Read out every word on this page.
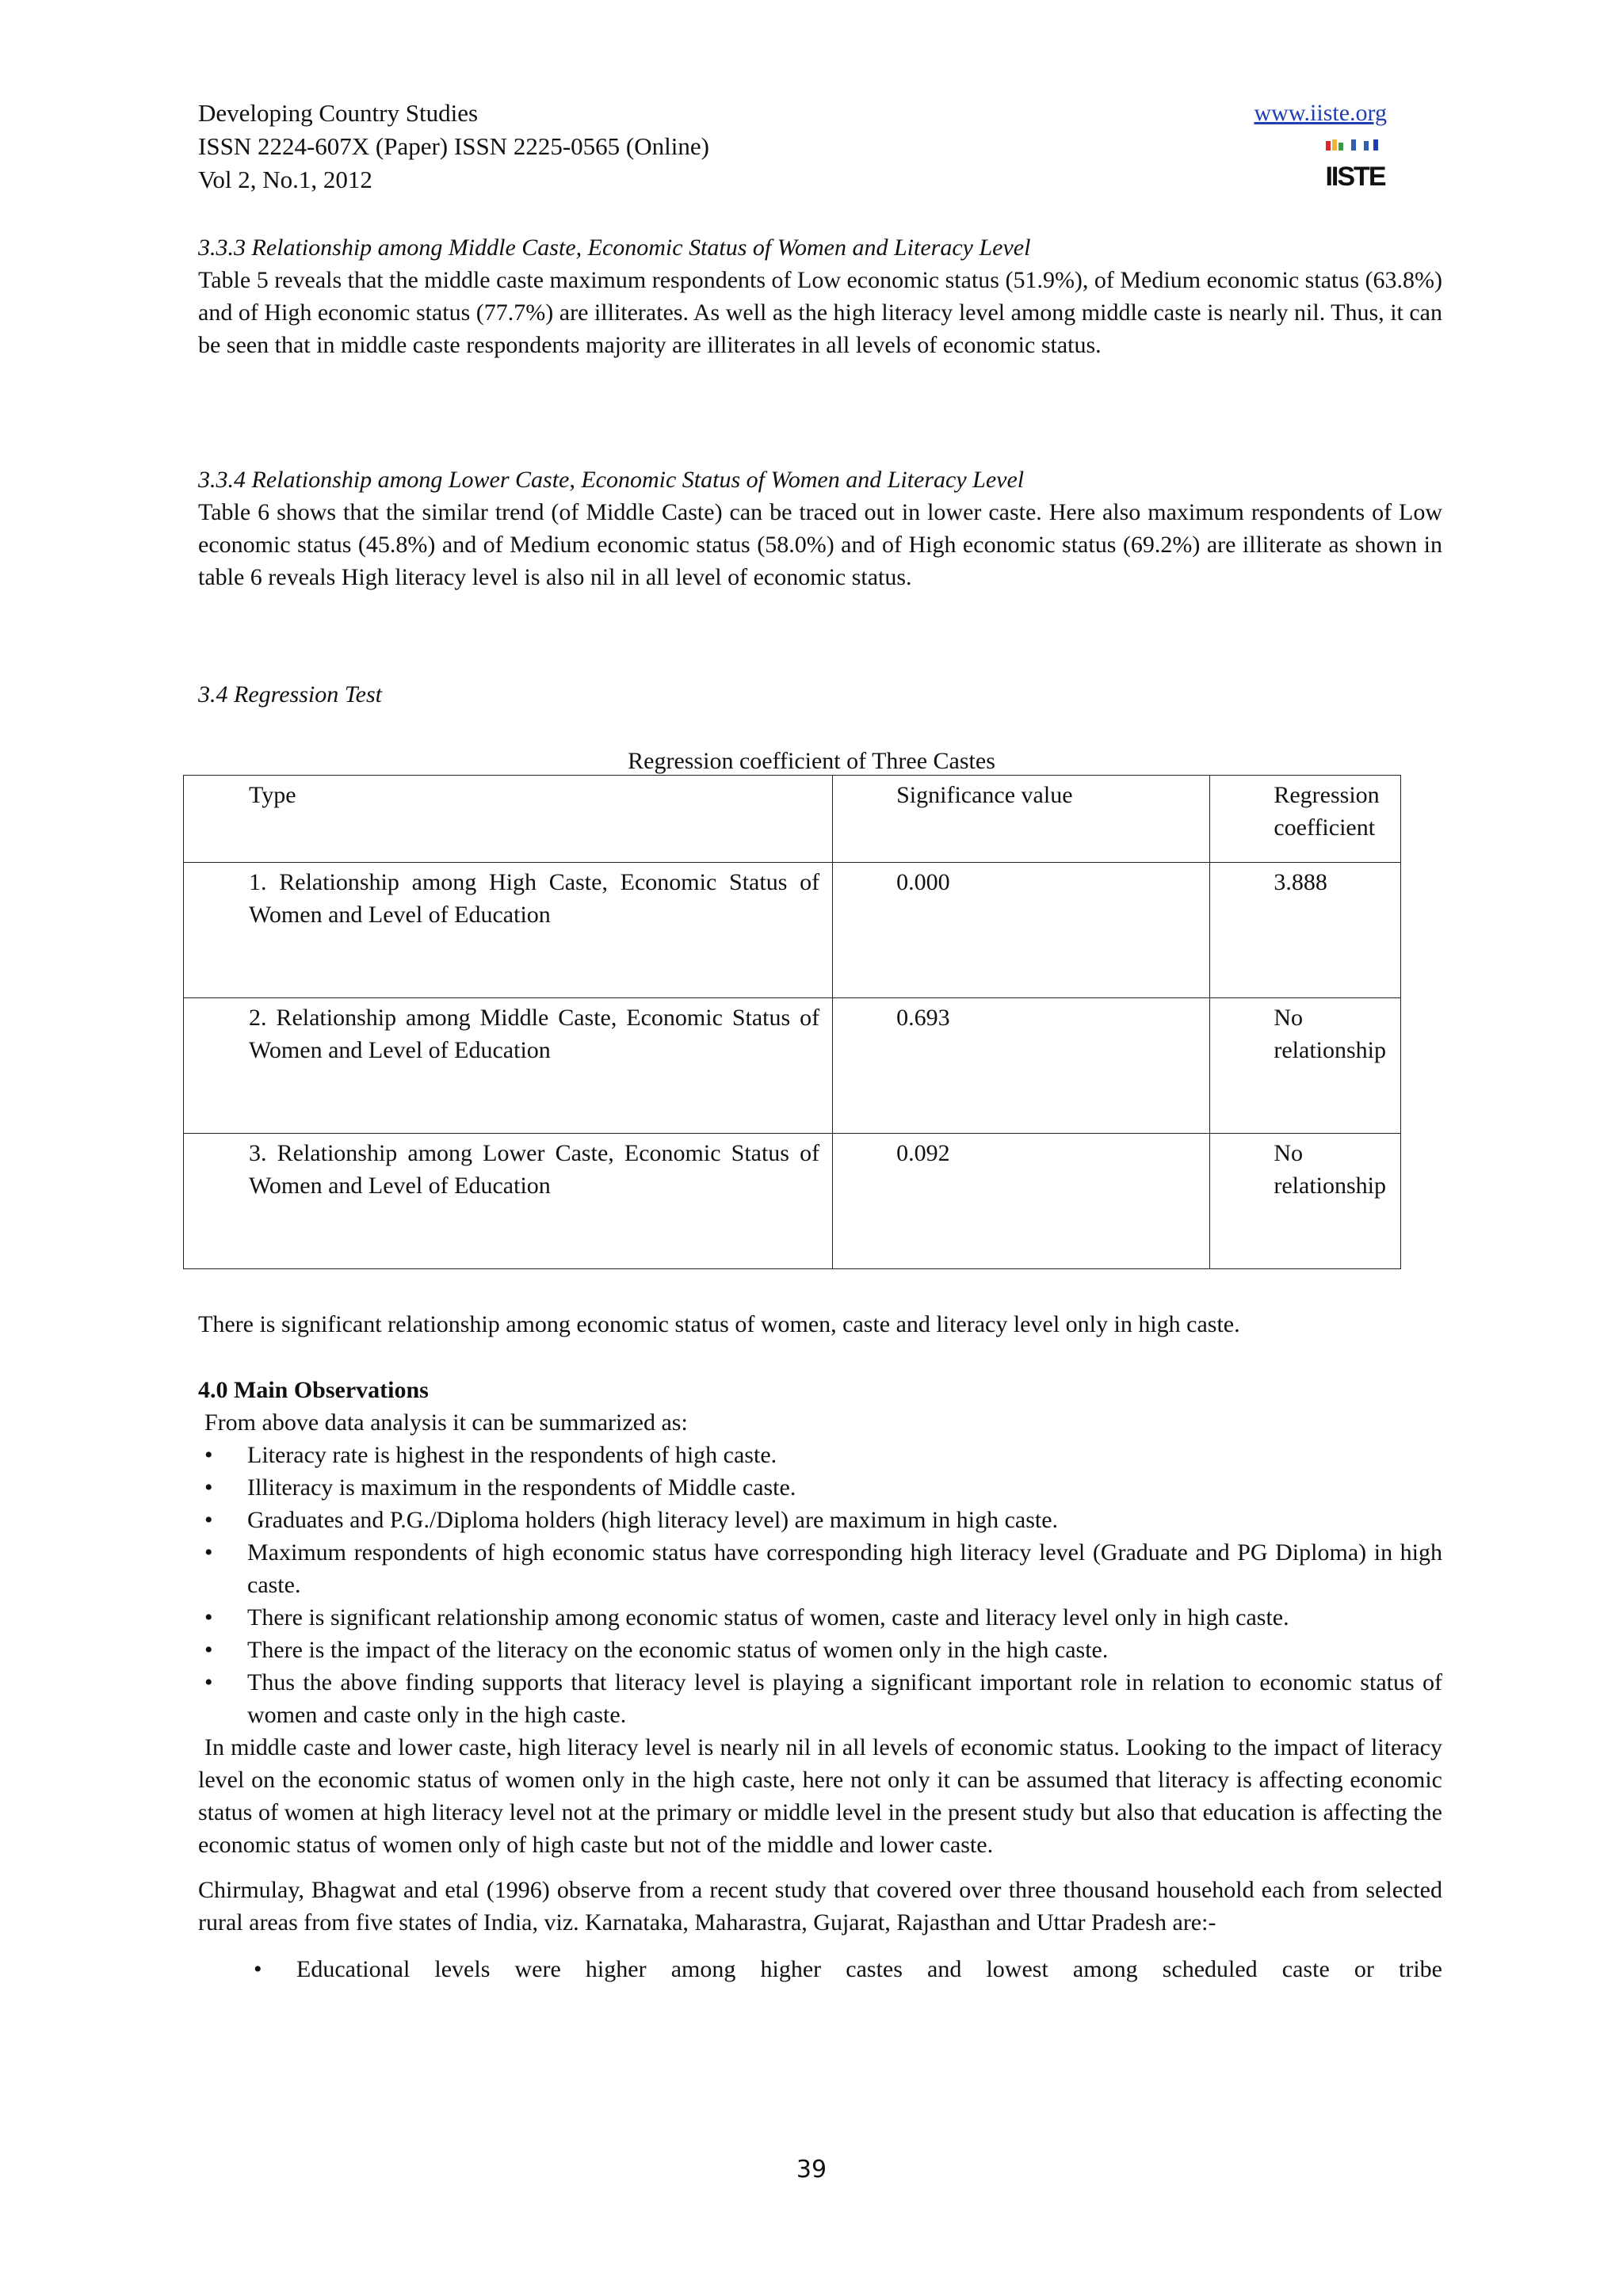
Developing Country Studies
ISSN 2224-607X (Paper) ISSN 2225-0565 (Online)
Vol 2, No.1, 2012
www.iiste.org
IISTE

3.3.3 Relationship among Middle Caste, Economic Status of Women and Literacy Level

Table 5 reveals that the middle caste maximum respondents of Low economic status (51.9%), of Medium economic status (63.8%) and of High economic status (77.7%) are illiterates. As well as the high literacy level among middle caste is nearly nil. Thus, it can be seen that in middle caste respondents majority are illiterates in all levels of economic status.

3.3.4 Relationship among Lower Caste, Economic Status of Women and Literacy Level

Table 6 shows that the similar trend (of Middle Caste) can be traced out in lower caste. Here also maximum respondents of Low economic status (45.8%) and of Medium economic status (58.0%) and of High economic status (69.2%) are illiterate as shown in table 6 reveals High literacy level is also nil in all level of economic status.

3.4 Regression Test

Regression coefficient of Three Castes
Type	Significance value	Regression coefficient
1. Relationship among High Caste, Economic Status of Women and Level of Education	0.000	3.888
2. Relationship among Middle Caste, Economic Status of Women and Level of Education	0.693	No relationship
3. Relationship among Lower Caste, Economic Status of Women and Level of Education	0.092	No relationship
There is significant relationship among economic status of women, caste and literacy level only in high caste.

4.0 Main Observations

From above data analysis it can be summarized as:

• Literacy rate is highest in the respondents of high caste.
• Illiteracy is maximum in the respondents of Middle caste.
• Graduates and P.G./Diploma holders (high literacy level) are maximum in high caste.
• Maximum respondents of high economic status have corresponding high literacy level (Graduate and PG Diploma) in high caste.
• There is significant relationship among economic status of women, caste and literacy level only in high caste.
• There is the impact of the literacy on the economic status of women only in the high caste.
• Thus the above finding supports that literacy level is playing a significant important role in relation to economic status of women and caste only in the high caste.

In middle caste and lower caste, high literacy level is nearly nil in all levels of economic status. Looking to the impact of literacy level on the economic status of women only in the high caste, here not only it can be assumed that literacy is affecting economic status of women at high literacy level not at the primary or middle level in the present study but also that education is affecting the economic status of women only of high caste but not of the middle and lower caste.

Chirmulay, Bhagwat and etal (1996) observe from a recent study that covered over three thousand household each from selected rural areas from five states of India, viz. Karnataka, Maharastra, Gujarat, Rajasthan and Uttar Pradesh are:-

• Educational levels were higher among higher castes and lowest among scheduled caste or tribe
39
